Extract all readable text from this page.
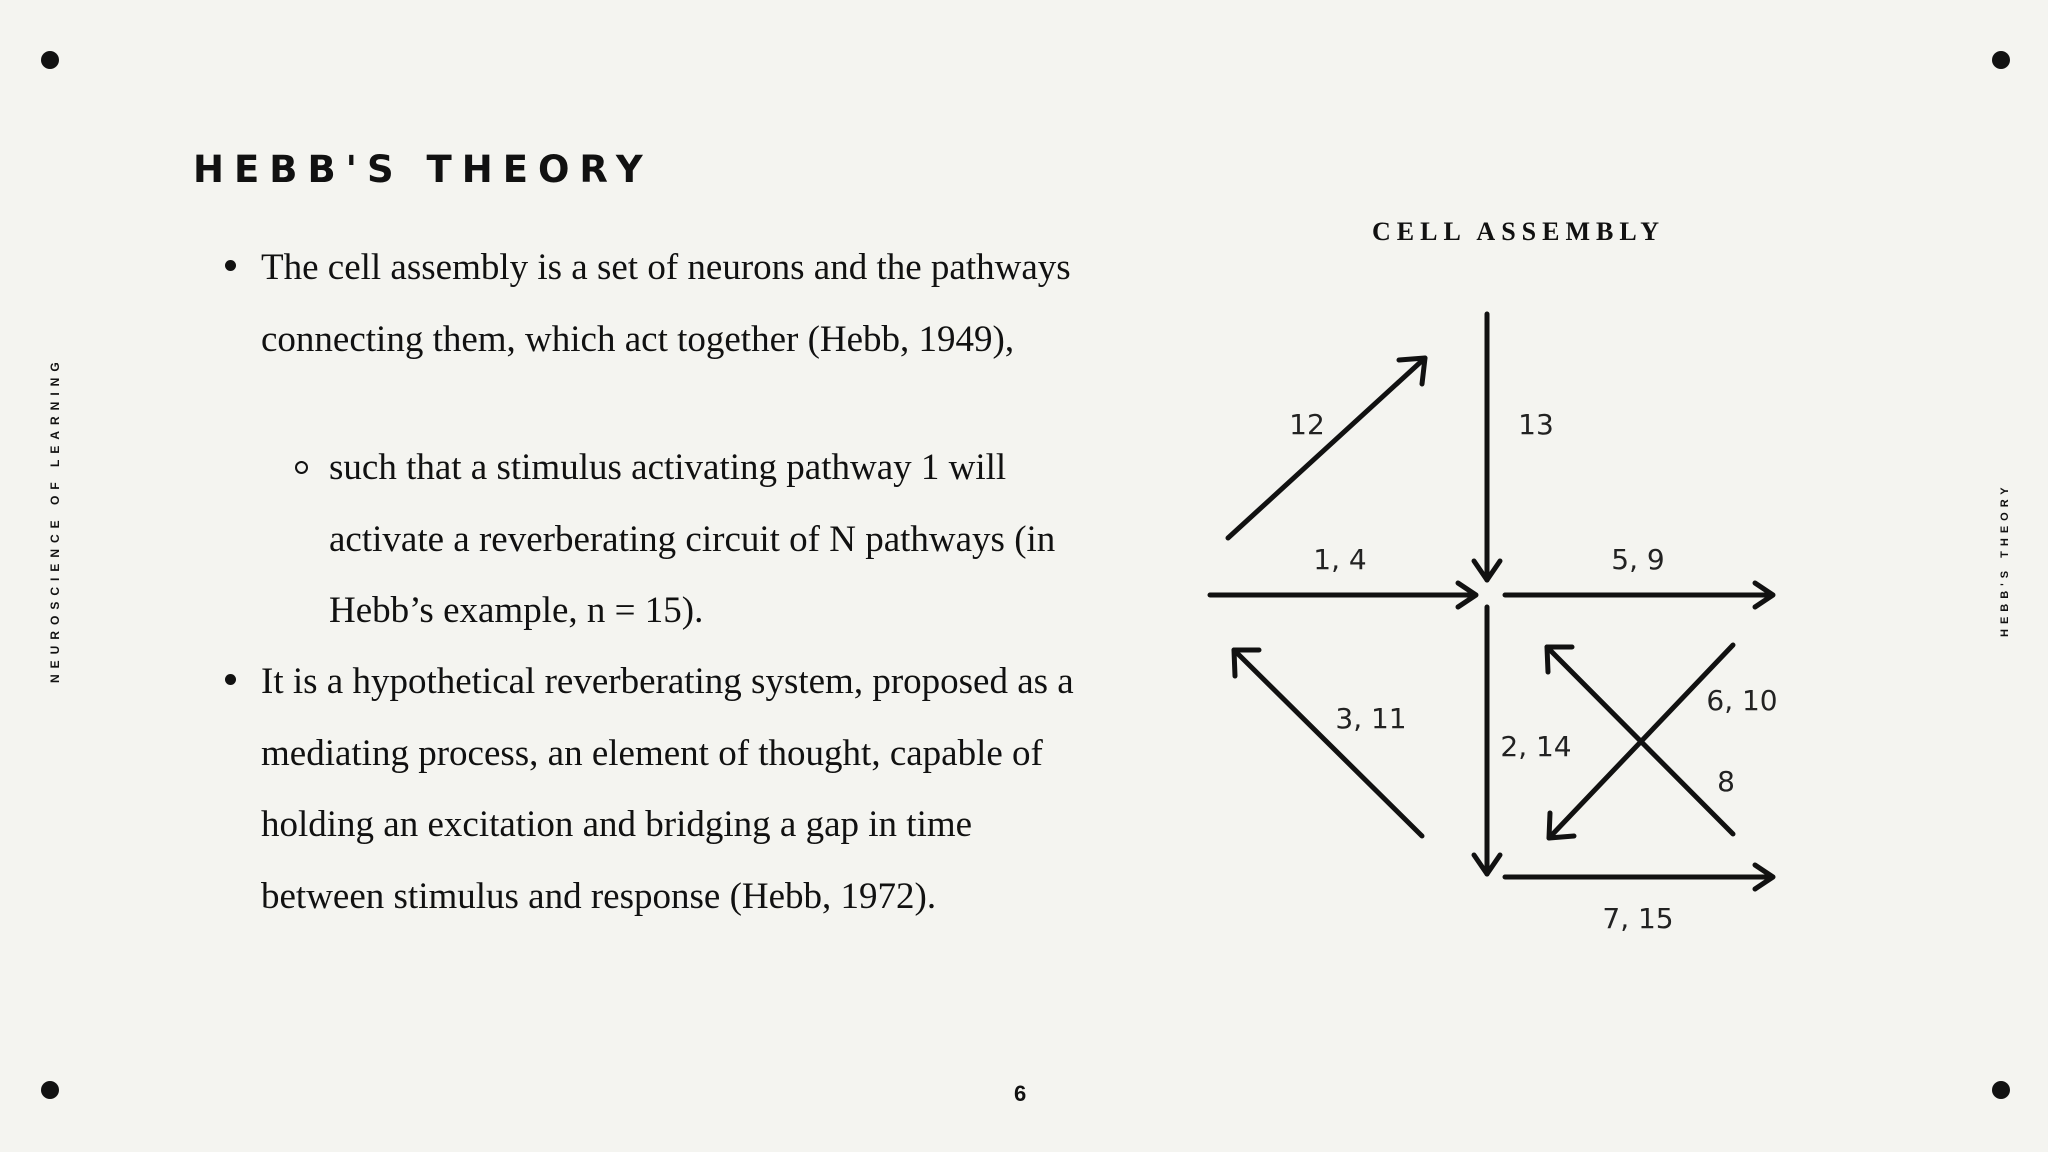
NEUROSCIENCE OF LEARNING	HEBB'S THEORY
HEBB'S THEORY
The cell assembly is a set of neurons and the pathways connecting them, which act together (Hebb, 1949),
such that a stimulus activating pathway 1 will activate a reverberating circuit of N pathways (in Hebb’s example, n = 15).
It is a hypothetical reverberating system, proposed as a mediating process, an element of thought, capable of holding an excitation and bridging a gap in time between stimulus and response (Hebb, 1972).
CELL ASSEMBLY
12	13
1, 4	5, 9
3, 11
2, 14
6, 10
8
7, 15
6
